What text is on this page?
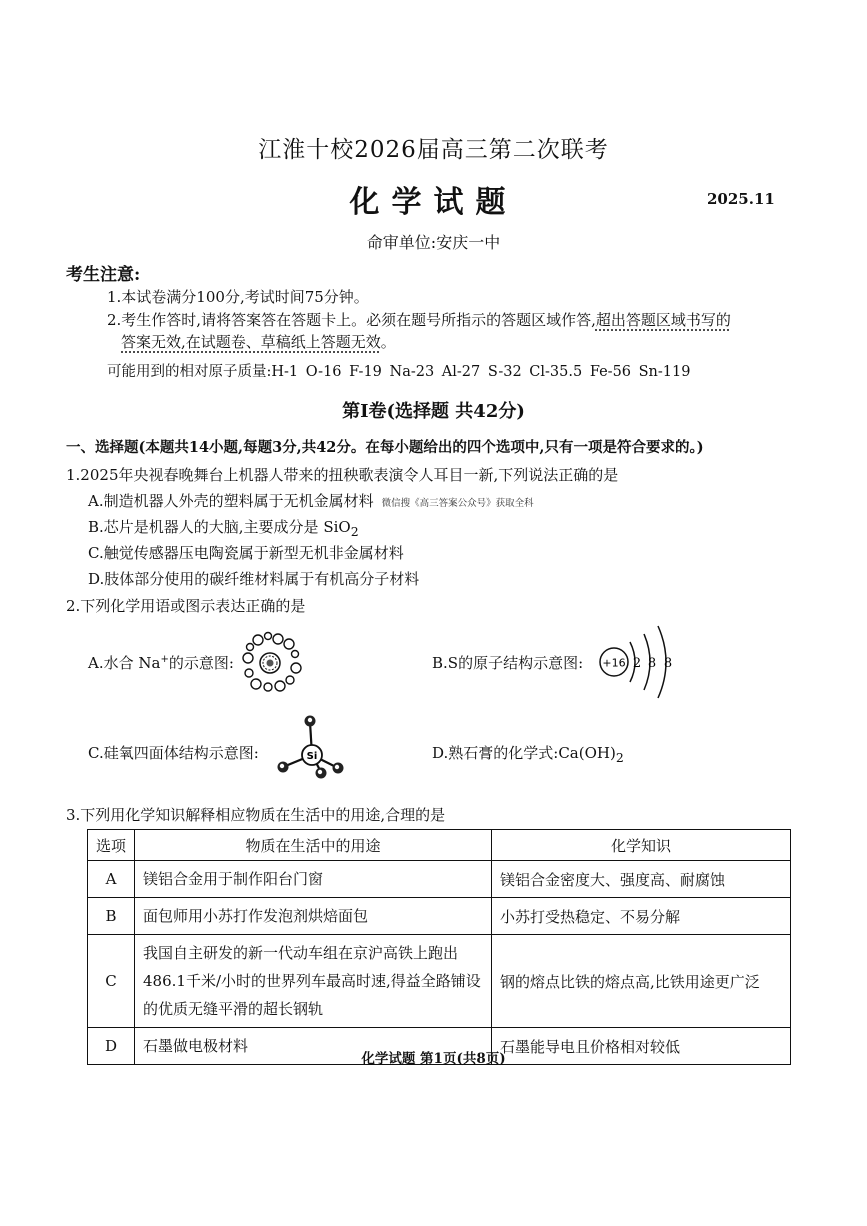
江淮十校2026届高三第二次联考
化学试题	2025.11
命审单位:安庆一中
考生注意:
1.本试卷满分100分,考试时间75分钟。
2.考生作答时,请将答案答在答题卡上。必须在题号所指示的答题区域作答,超出答题区域书写的
答案无效,在试题卷、草稿纸上答题无效。
可能用到的相对原子质量:H-1 O-16 F-19 Na-23 Al-27 S-32 Cl-35.5 Fe-56 Sn-119
第Ⅰ卷(选择题 共42分)
一、选择题(本题共14小题,每题3分,共42分。在每小题给出的四个选项中,只有一项是符合要求的。)
1.2025年央视春晚舞台上机器人带来的扭秧歌表演令人耳目一新,下列说法正确的是
A.制造机器人外壳的塑料属于无机金属材料 微信搜《高三答案公众号》获取全科
B.芯片是机器人的大脑,主要成分是 SiO$_2$
C.触觉传感器压电陶瓷属于新型无机非金属材料
D.肢体部分使用的碳纤维材料属于有机高分子材料
2.下列化学用语或图示表达正确的是
A.水合 Na+的示意图:	B.S的原子结构示意图: +16 2 8 8
C.硅氧四面体结构示意图:	Si	D.熟石膏的化学式$:Ca(OH)_2$
3.下列用化学知识解释相应物质在生活中的用途,合理的是
选项	物质在生活中的用途	化学知识
A	镁铝合金用于制作阳台门窗	镁铝合金密度大、强度高、耐腐蚀
B	面包师用小苏打作发泡剂烘焙面包	小苏打受热稳定、不易分解
C	我国自主研发的新一代动车组在京沪高铁上跑出486.1千米/小时的世界列车最高时速,得益全路铺设的优质无缝平滑的超长钢轨	钢的熔点比铁的熔点高,比铁用途更广泛
D	石墨做电极材料	石墨能导电且价格相对较低
化学试题 第1页(共8页)
